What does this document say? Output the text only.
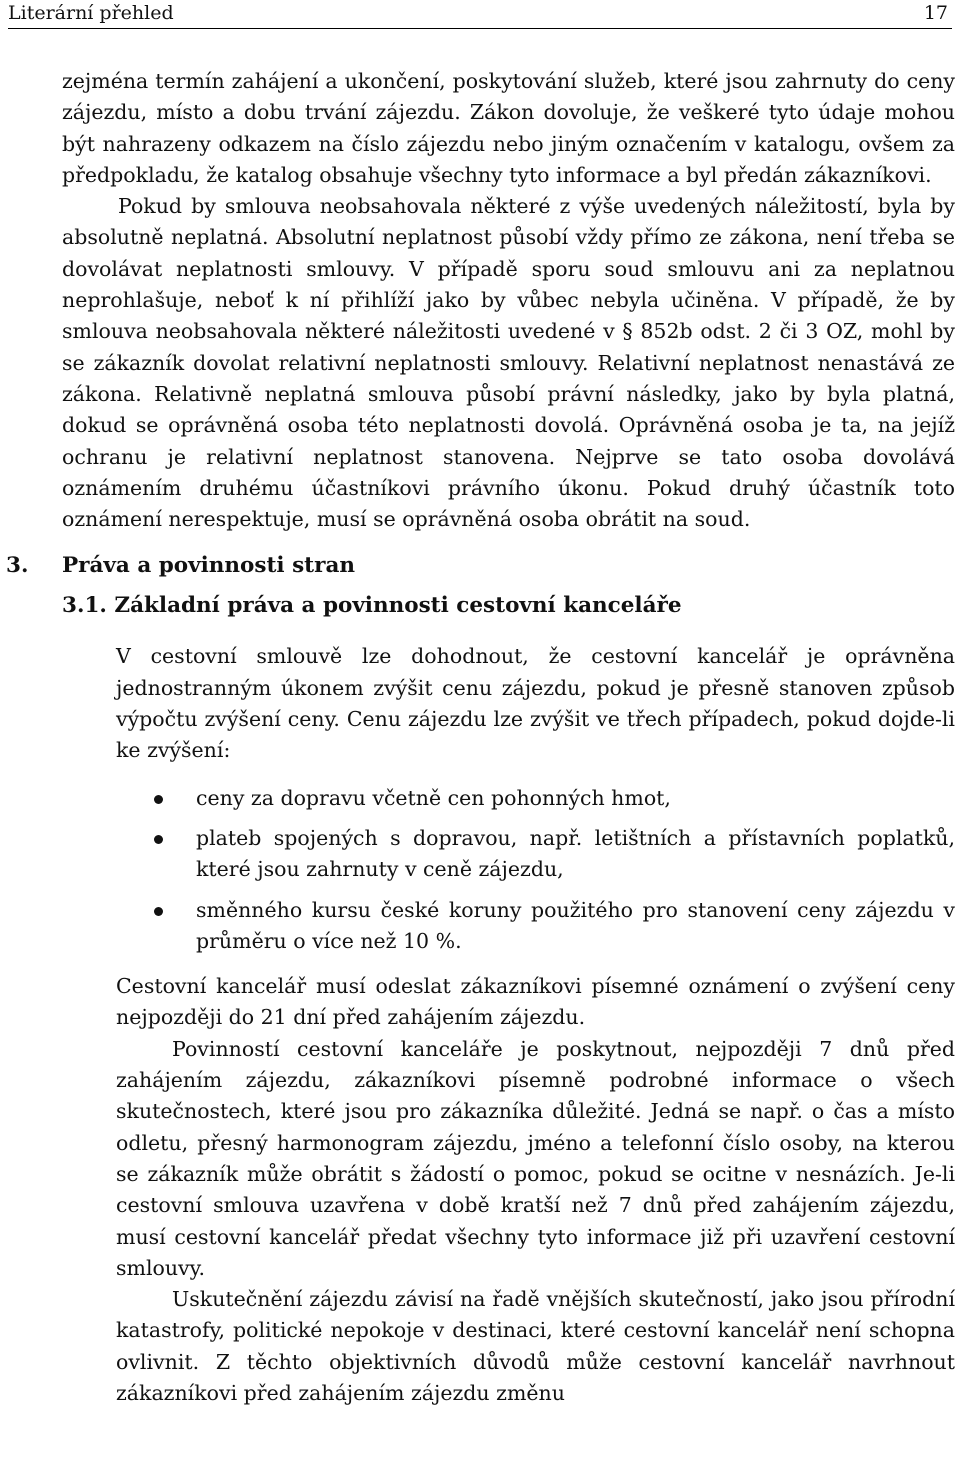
Literární přehled	17

zejména termín zahájení a ukončení, poskytování služeb, které jsou zahrnuty do ceny zájezdu, místo a dobu trvání zájezdu. Zákon dovoluje, že veškeré tyto údaje mohou být nahrazeny odkazem na číslo zájezdu nebo jiným označením v katalogu, ovšem za předpokladu, že katalog obsahuje všechny tyto informace a byl předán zákazníkovi.

Pokud by smlouva neobsahovala některé z výše uvedených náležitostí, byla by absolutně neplatná. Absolutní neplatnost působí vždy přímo ze zákona, není třeba se dovolávat neplatnosti smlouvy. V případě sporu soud smlouvu ani za neplatnou neprohlašuje, neboť k ní přihlíží jako by vůbec nebyla učiněna. V případě, že by smlouva neobsahovala některé náležitosti uvedené v § 852b odst. 2 či 3 OZ, mohl by se zákazník dovolat relativní neplatnosti smlouvy. Relativní neplatnost nenastává ze zákona. Relativně neplatná smlouva působí právní následky, jako by byla platná, dokud se oprávněná osoba této neplatnosti dovolá. Oprávněná osoba je ta, na jejíž ochranu je relativní neplatnost stanovena. Nejprve se tato osoba dovolává oznámením druhému účastníkovi právního úkonu. Pokud druhý účastník toto oznámení nerespektuje, musí se oprávněná osoba obrátit na soud.

3. Práva a povinnosti stran
3.1. Základní práva a povinnosti cestovní kanceláře

V cestovní smlouvě lze dohodnout, že cestovní kancelář je oprávněna jednostranným úkonem zvýšit cenu zájezdu, pokud je přesně stanoven způsob výpočtu zvýšení ceny. Cenu zájezdu lze zvýšit ve třech případech, pokud dojde-li ke zvýšení:

ceny za dopravu včetně cen pohonných hmot,
plateb spojených s dopravou, např. letištních a přístavních poplatků, které jsou zahrnuty v ceně zájezdu,
směnného kursu české koruny použitého pro stanovení ceny zájezdu v průměru o více než 10 %.

Cestovní kancelář musí odeslat zákazníkovi písemné oznámení o zvýšení ceny nejpozději do 21 dní před zahájením zájezdu.

Povinností cestovní kanceláře je poskytnout, nejpozději 7 dnů před zahájením zájezdu, zákazníkovi písemně podrobné informace o všech skutečnostech, které jsou pro zákazníka důležité. Jedná se např. o čas a místo odletu, přesný harmonogram zájezdu, jméno a telefonní číslo osoby, na kterou se zákazník může obrátit s žádostí o pomoc, pokud se ocitne v nesnázích. Je-li cestovní smlouva uzavřena v době kratší než 7 dnů před zahájením zájezdu, musí cestovní kancelář předat všechny tyto informace již při uzavření cestovní smlouvy.

Uskutečnění zájezdu závisí na řadě vnějších skutečností, jako jsou přírodní katastrofy, politické nepokoje v destinaci, které cestovní kancelář není schopna ovlivnit. Z těchto objektivních důvodů může cestovní kancelář navrhnout zákazníkovi před zahájením zájezdu změnu
